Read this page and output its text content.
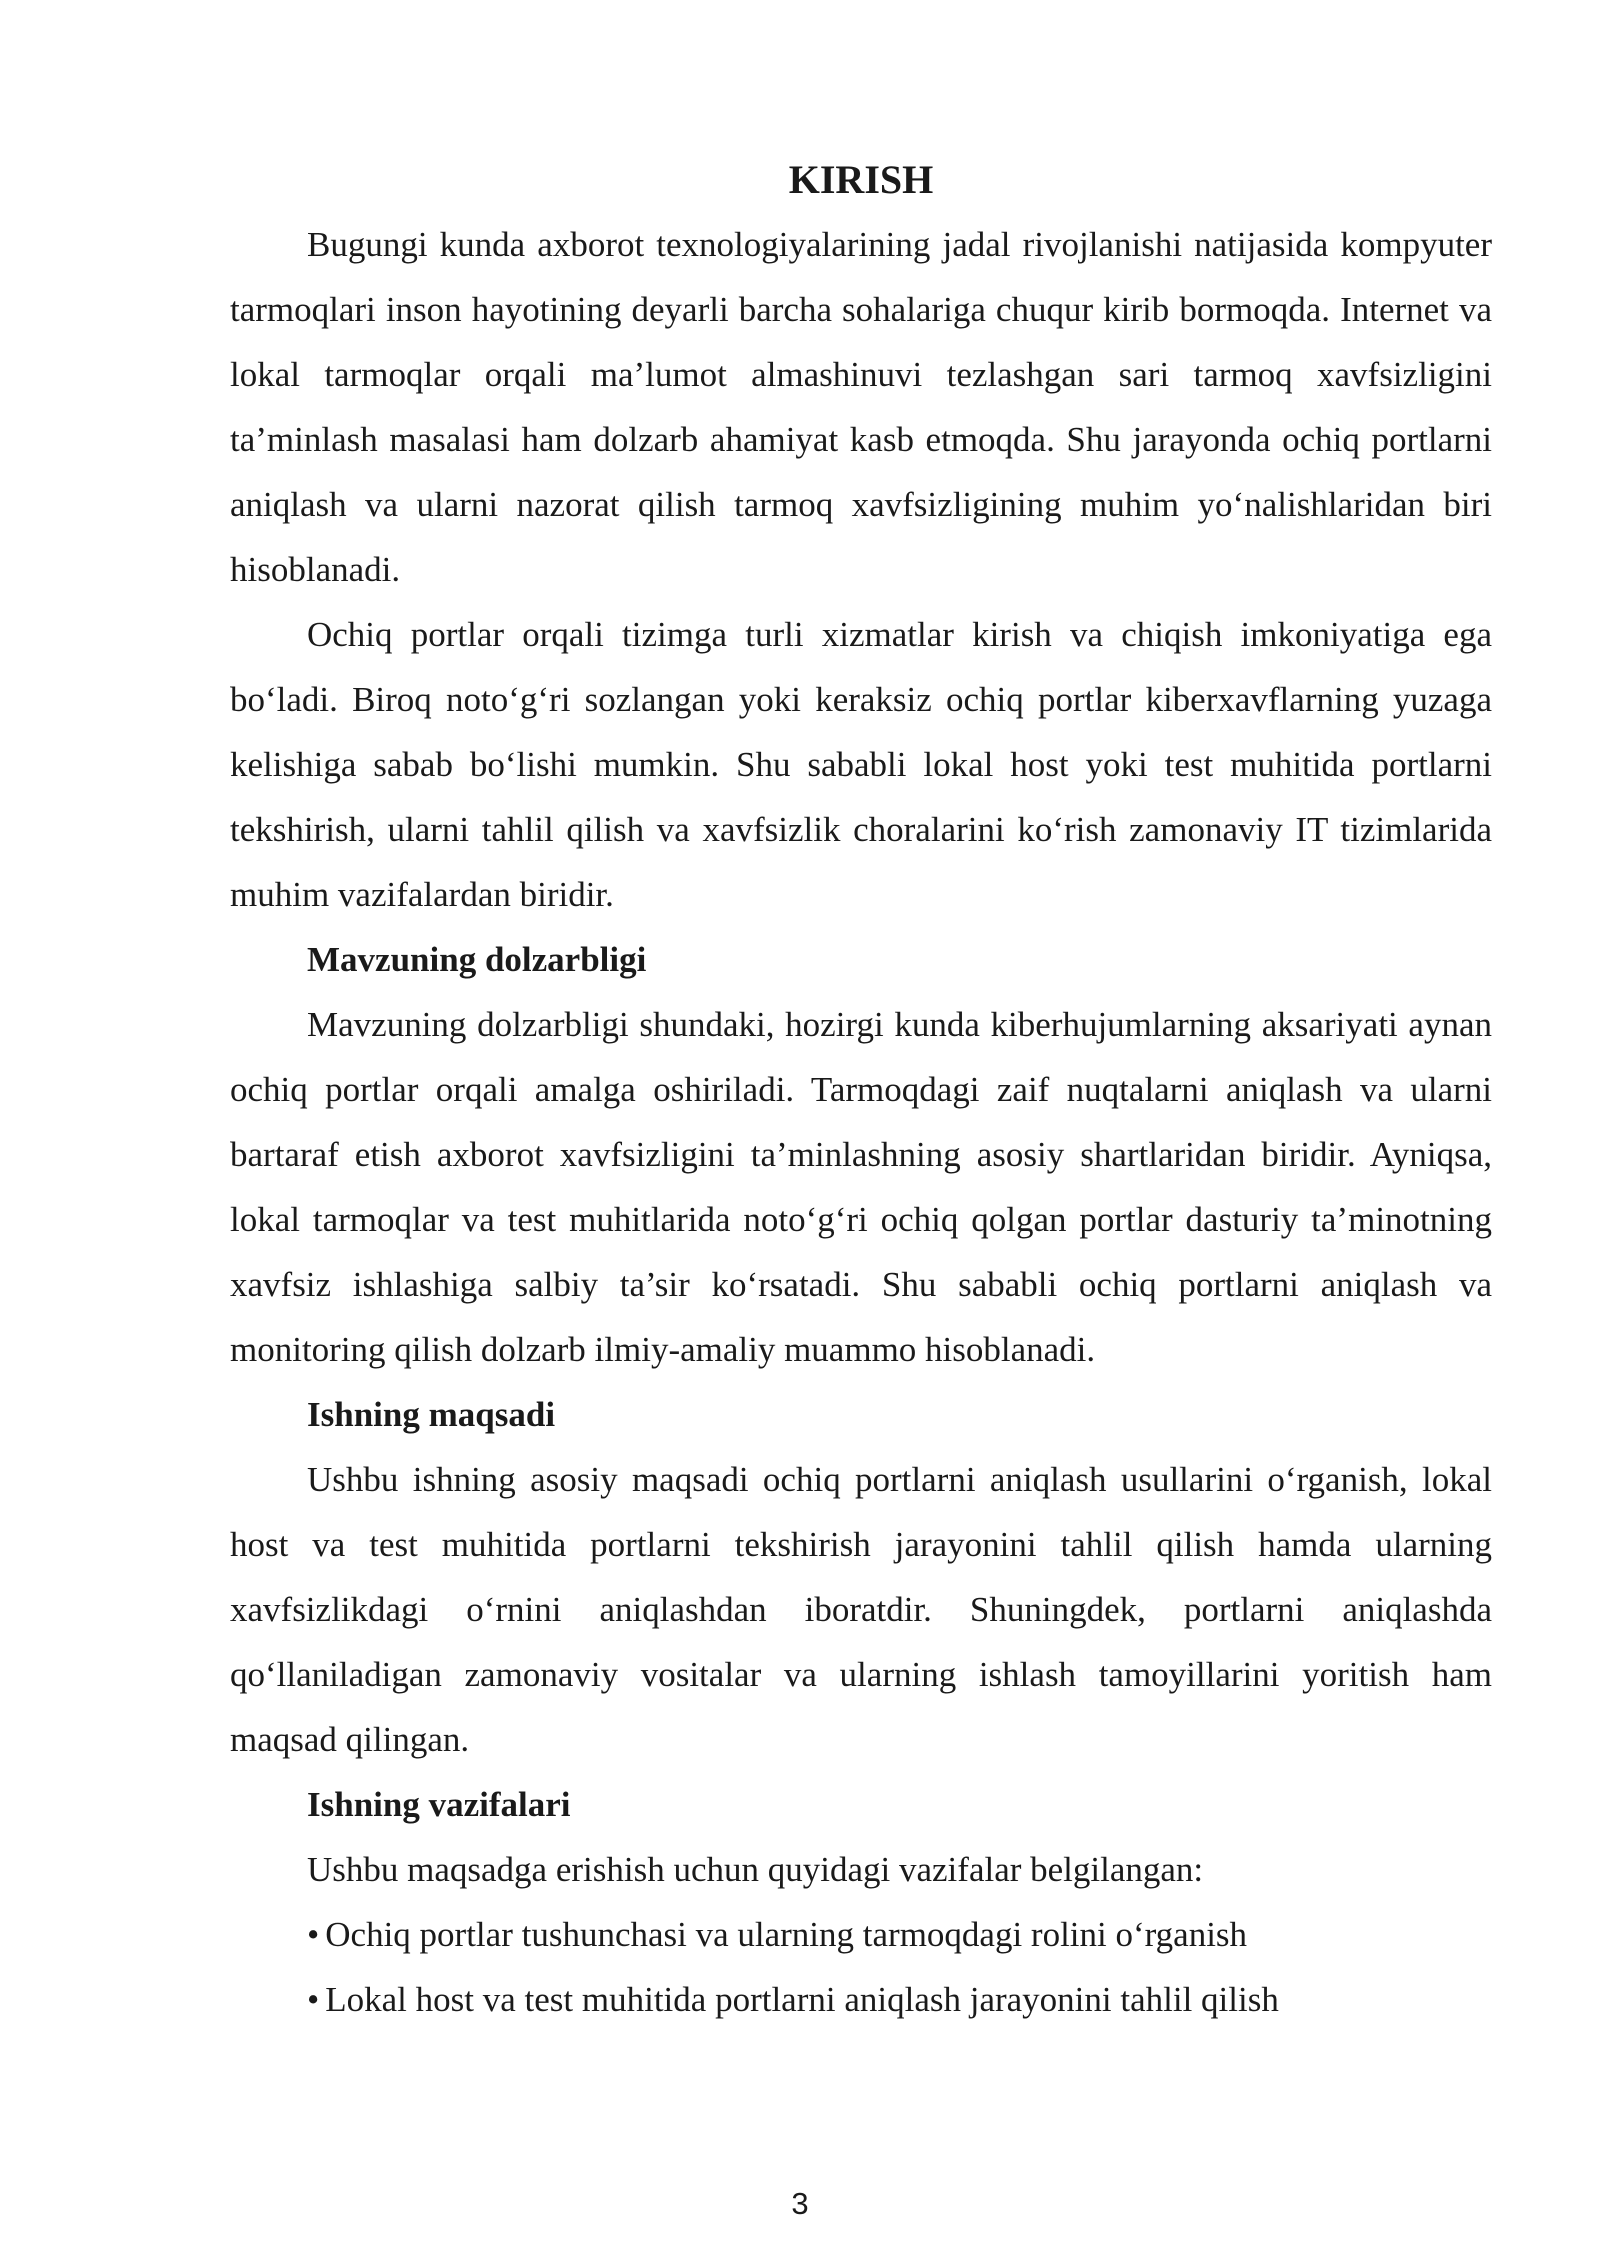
KIRISH

Bugungi kunda axborot texnologiyalarining jadal rivojlanishi natijasida kompyuter tarmoqlari inson hayotining deyarli barcha sohalariga chuqur kirib bormoqda. Internet va lokal tarmoqlar orqali ma’lumot almashinuvi tezlashgan sari tarmoq xavfsizligini ta’minlash masalasi ham dolzarb ahamiyat kasb etmoqda. Shu jarayonda ochiq portlarni aniqlash va ularni nazorat qilish tarmoq xavfsizligining muhim yo‘nalishlaridan biri hisoblanadi.

Ochiq portlar orqali tizimga turli xizmatlar kirish va chiqish imkoniyatiga ega bo‘ladi. Biroq noto‘g‘ri sozlangan yoki keraksiz ochiq portlar kiberxavflarning yuzaga kelishiga sabab bo‘lishi mumkin. Shu sababli lokal host yoki test muhitida portlarni tekshirish, ularni tahlil qilish va xavfsizlik choralarini ko‘rish zamonaviy IT tizimlarida muhim vazifalardan biridir.

Mavzuning dolzarbligi

Mavzuning dolzarbligi shundaki, hozirgi kunda kiberhujumlarning aksariyati aynan ochiq portlar orqali amalga oshiriladi. Tarmoqdagi zaif nuqtalarni aniqlash va ularni bartaraf etish axborot xavfsizligini ta’minlashning asosiy shartlaridan biridir. Ayniqsa, lokal tarmoqlar va test muhitlarida noto‘g‘ri ochiq qolgan portlar dasturiy ta’minotning xavfsiz ishlashiga salbiy ta’sir ko‘rsatadi. Shu sababli ochiq portlarni aniqlash va monitoring qilish dolzarb ilmiy-amaliy muammo hisoblanadi.

Ishning maqsadi

Ushbu ishning asosiy maqsadi ochiq portlarni aniqlash usullarini o‘rganish, lokal host va test muhitida portlarni tekshirish jarayonini tahlil qilish hamda ularning xavfsizlikdagi o‘rnini aniqlashdan iboratdir. Shuningdek, portlarni aniqlashda qo‘llaniladigan zamonaviy vositalar va ularning ishlash tamoyillarini yoritish ham maqsad qilingan.

Ishning vazifalari

Ushbu maqsadga erishish uchun quyidagi vazifalar belgilangan:

• Ochiq portlar tushunchasi va ularning tarmoqdagi rolini o‘rganish
• Lokal host va test muhitida portlarni aniqlash jarayonini tahlil qilish
3
